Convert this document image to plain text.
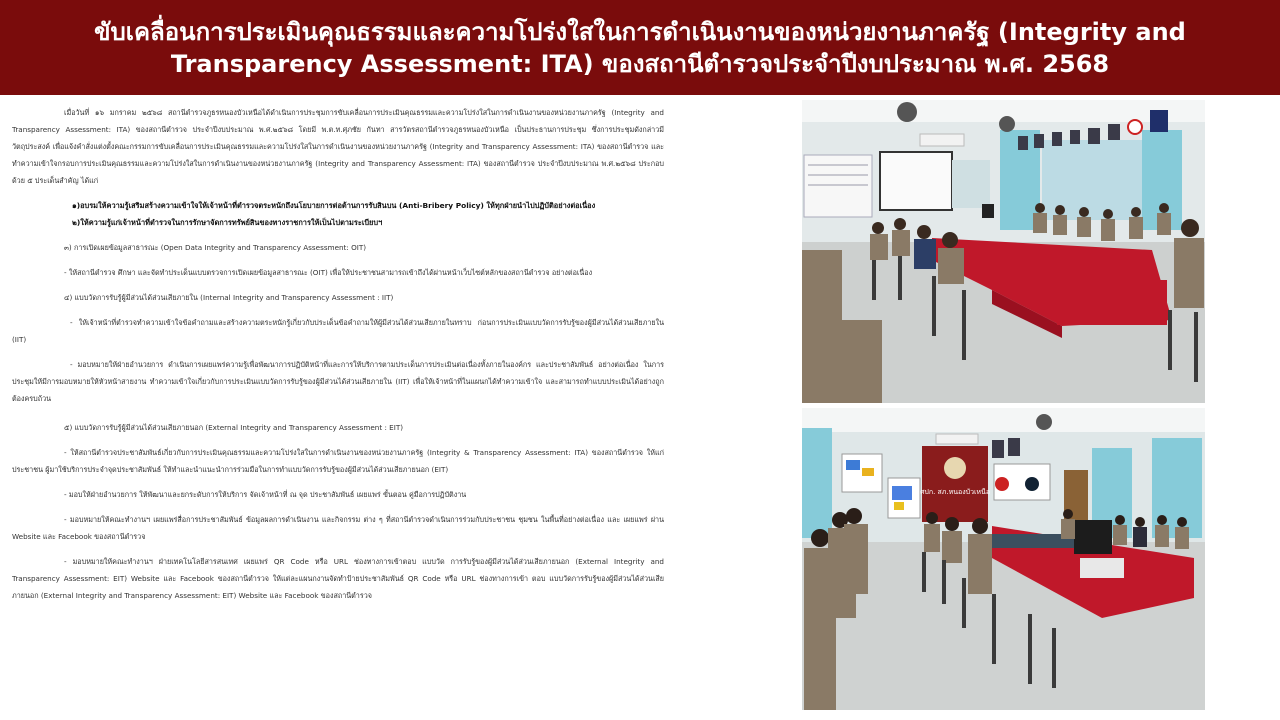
ขับเคลื่อนการประเมินคุณธรรมและความโปร่งใสในการดำเนินงานของหน่วยงานภาครัฐ (Integrity and
Transparency Assessment: ITA) ของสถานีตำรวจประจำปีงบประมาณ พ.ศ. 2568

เมื่อวันที่ ๑๖ มกราคม ๒๕๖๘ สถานีตำรวจภูธรหนองบัวเหนือได้ดำเนินการประชุมการขับเคลื่อนการประเมินคุณธรรมและความโปร่งใสในการดำเนินงานของหน่วยงานภาครัฐ (Integrity and Transparency Assessment: ITA) ของสถานีตำรวจ ประจำปีงบประมาณ พ.ศ.๒๕๖๘ โดยมี พ.ต.ท.ศุภชัย กันทา สารวัตรสถานีตำรวจภูธรหนองบัวเหนือ เป็นประธานการประชุม ซึ่งการประชุมดังกล่าวมีวัตถุประสงค์ เพื่อแจ้งคำสั่งแต่งตั้งคณะกรรมการขับเคลื่อนการประเมินคุณธรรมและความโปร่งใสในการดำเนินงานของหน่วยงานภาครัฐ (Integrity and Transparency Assessment: ITA) ของสถานีตำรวจ และทำความเข้าใจกรอบการประเมินคุณธรรมและความโปร่งใสในการดำเนินงานของหน่วยงานภาครัฐ (Integrity and Transparency Assessment: ITA) ของสถานีตำรวจ ประจำปีงบประมาณ พ.ศ.๒๕๖๘ ประกอบด้วย ๕ ประเด็นสำคัญ ได้แก่

๑)อบรมให้ความรู้เสริมสร้างความเข้าใจให้เจ้าหน้าที่ตำรวจตระหนักถึงนโยบายการต่อต้านการรับสินบน (Anti-Bribery Policy) ให้ทุกฝ่ายนำไปปฏิบัติอย่างต่อเนื่อง

๒)ให้ความรู้แก่เจ้าหน้าที่ตำรวจในการรักษาจัดการทรัพย์สินของทางราชการให้เป็นไปตามระเบียบฯ

๓) การเปิดเผยข้อมูลสาธารณะ (Open Data Integrity and Transparency Assessment: OIT)

- ให้สถานีตำรวจ ศึกษา และจัดทำประเด็นแบบตรวจการเปิดเผยข้อมูลสาธารณะ (OIT) เพื่อให้ประชาชนสามารถเข้าถึงได้ผ่านหน้าเว็บไซต์หลักของสถานีตำรวจ อย่างต่อเนื่อง

๔) แบบวัดการรับรู้ผู้มีส่วนได้ส่วนเสียภายใน (Internal Integrity and Transparency Assessment : IIT)

- ให้เจ้าหน้าที่ตำรวจทำความเข้าใจข้อคำถามและสร้างความตระหนักรู้เกี่ยวกับประเด็นข้อคำถามให้ผู้มีส่วนได้ส่วนเสียภายในทราบ ก่อนการประเมินแบบวัดการรับรู้ของผู้มีส่วนได้ส่วนเสียภายใน (IIT)

- มอบหมายให้ฝ่ายอำนวยการ ดำเนินการเผยแพร่ความรู้เพื่อพัฒนาการปฏิบัติหน้าที่และการให้บริการตามประเด็นการประเมินต่อเนื่องทั้งภายในองค์กร และประชาสัมพันธ์ อย่างต่อเนื่อง ในการประชุมให้มีการมอบหมายให้หัวหน้าสายงาน ทำความเข้าใจเกี่ยวกับการประเมินแบบวัดการรับรู้ของผู้มีส่วนได้ส่วนเสียภายใน (IIT) เพื่อให้เจ้าหน้าที่ในแผนกได้ทำความเข้าใจ และสามารถทำแบบประเมินได้อย่างถูกต้องครบถ้วน

๕) แบบวัดการรับรู้ผู้มีส่วนได้ส่วนเสียภายนอก (External Integrity and Transparency Assessment : EIT)

- ให้สถานีตำรวจประชาสัมพันธ์เกี่ยวกับการประเมินคุณธรรมและความโปร่งใสในการดำเนินงานของหน่วยงานภาครัฐ (Integrity & Transparency Assessment: ITA) ของสถานีตำรวจ ให้แก่ประชาชน ผู้มาใช้บริการประจำจุดประชาสัมพันธ์ ให้ทำและนำแนะนำการร่วมมือในการทำแบบวัดการรับรู้ของผู้มีส่วนได้ส่วนเสียภายนอก (EIT)

- มอบให้ฝ่ายอำนวยการ ให้พัฒนาและยกระดับการให้บริการ จัดเจ้าหน้าที่ ณ จุด ประชาสัมพันธ์ เผยแพร่ ขั้นตอน คู่มือการปฏิบัติงาน

- มอบหมายให้คณะทำงานฯ เผยแพร่สื่อการประชาสัมพันธ์ ข้อมูลผลการดำเนินงาน และกิจกรรม ต่าง ๆ ที่สถานีตำรวจดำเนินการร่วมกับประชาชน ชุมชน ในพื้นที่อย่างต่อเนื่อง และ เผยแพร่ ผ่าน Website และ Facebook ของสถานีตำรวจ

- มอบหมายให้คณะทำงานฯ ฝ่ายเทคโนโลยีสารสนเทศ เผยแพร่ QR Code หรือ URL ช่องทางการเข้าตอบ แบบวัด การรับรู้ของผู้มีส่วนได้ส่วนเสียภายนอก (External Integrity and Transparency Assessment: EIT) Website และ Facebook ของสถานีตำรวจ ให้แต่ละแผนกงานจัดทำป้ายประชาสัมพันธ์ QR Code หรือ URL ช่องทางการเข้า ตอบ แบบวัดการรับรู้ของผู้มีส่วนได้ส่วนเสียภายนอก (External Integrity and Transparency Assessment: EIT) Website และ Facebook ของสถานีตำรวจ

ศปก. สภ.หนองบัวเหนือ
